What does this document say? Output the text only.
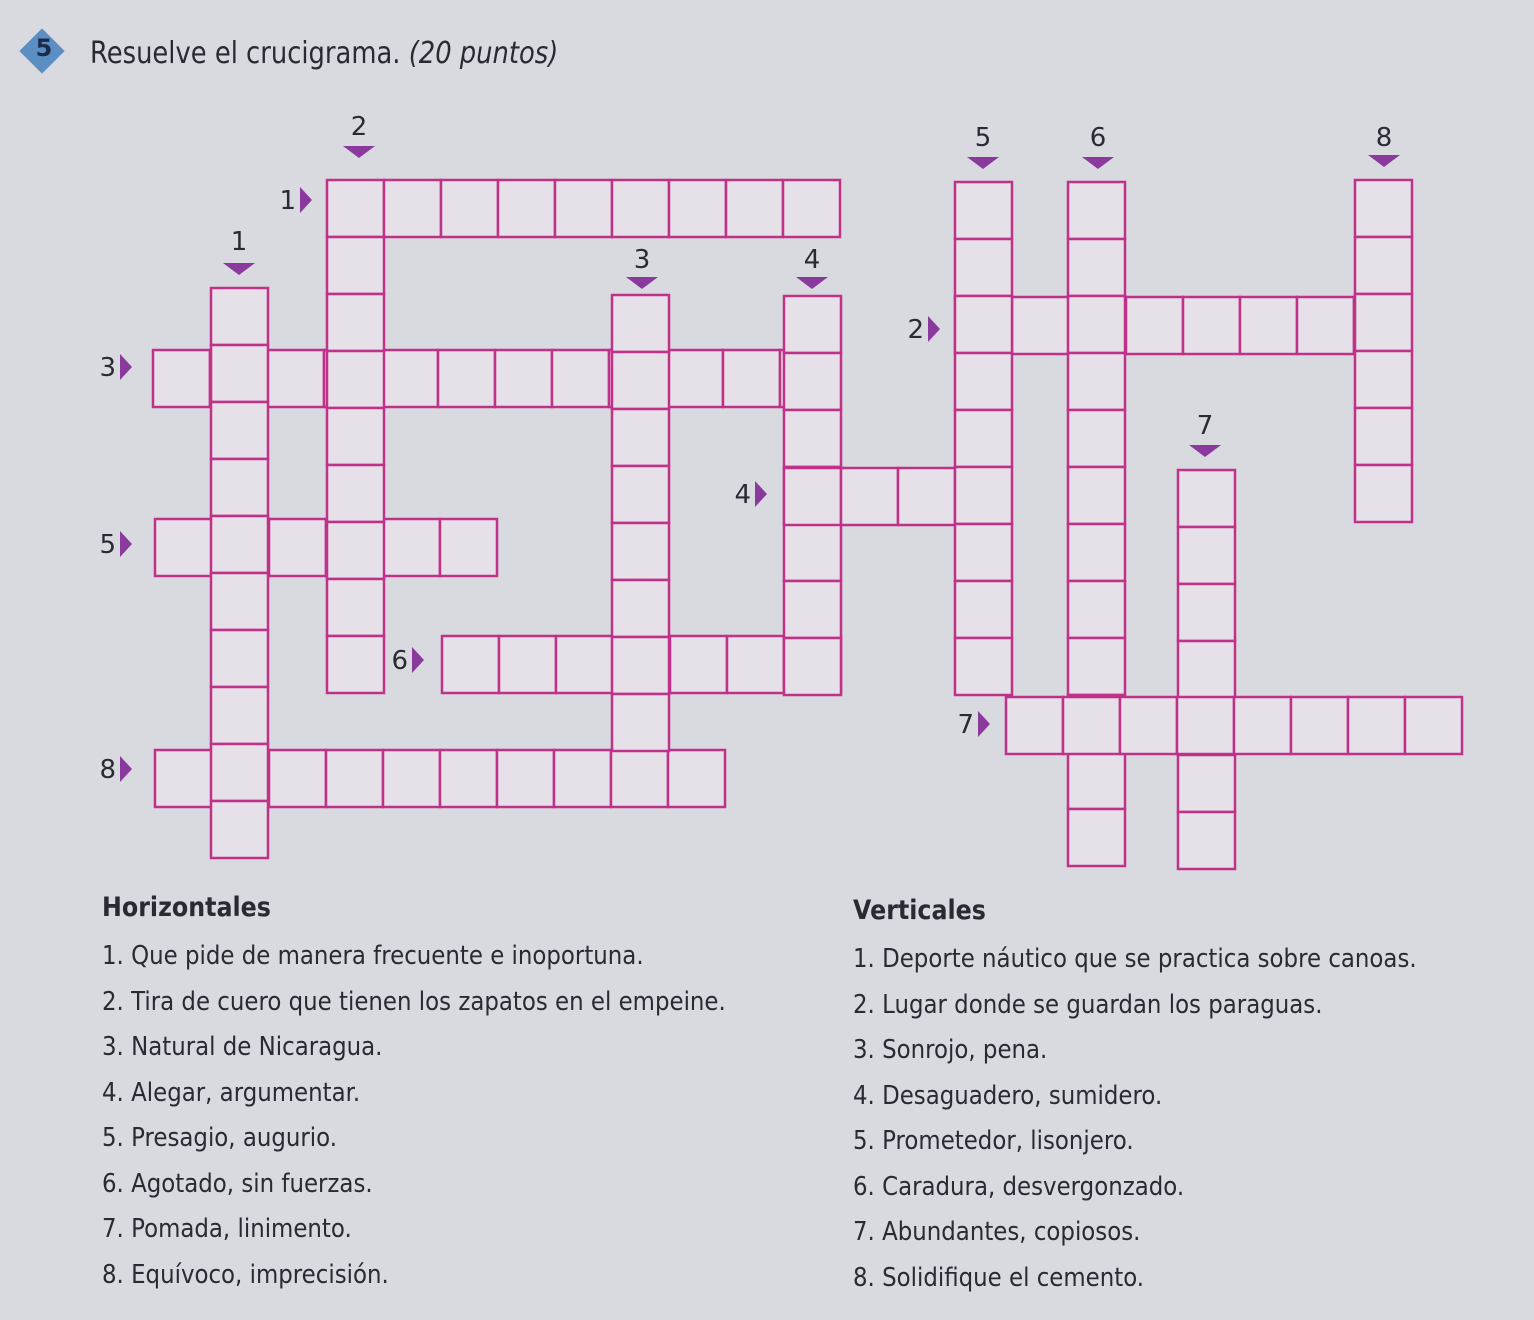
5 Resuelve el crucigrama. (20 puntos)
1
2
3	4
5	6
7
8
1
2
3
4
5
6
7
8
Horizontales
1. Que pide de manera frecuente e inoportuna.
2. Tira de cuero que tienen los zapatos en el empeine.
3. Natural de Nicaragua.
4. Alegar, argumentar.
5. Presagio, augurio.
6. Agotado, sin fuerzas.
7. Pomada, linimento.
8. Equívoco, imprecisión.
Verticales
1. Deporte náutico que se practica sobre canoas.
2. Lugar donde se guardan los paraguas.
3. Sonrojo, pena.
4. Desaguadero, sumidero.
5. Prometedor, lisonjero.
6. Caradura, desvergonzado.
7. Abundantes, copiosos.
8. Solidifique el cemento.
